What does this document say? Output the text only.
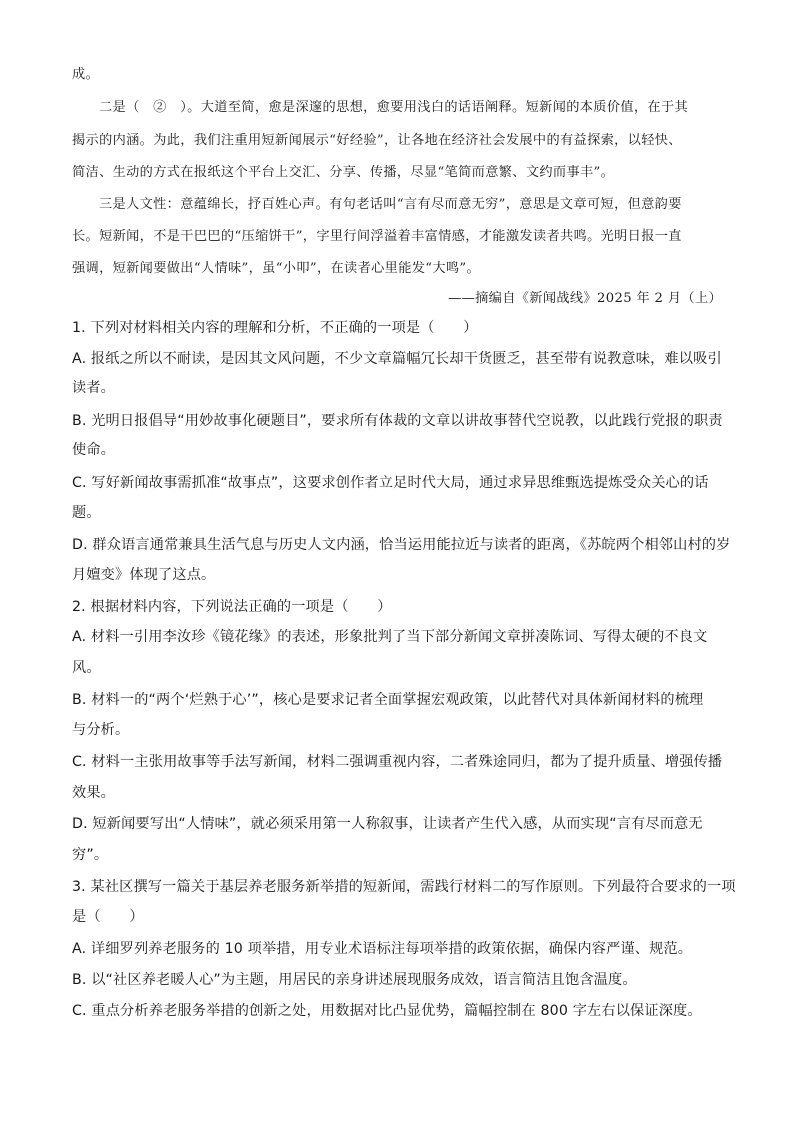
成。
二是（　②　）。大道至简，愈是深邃的思想，愈要用浅白的话语阐释。短新闻的本质价值，在于其
揭示的内涵。为此，我们注重用短新闻展示“好经验”，让各地在经济社会发展中的有益探索，以轻快、
简洁、生动的方式在报纸这个平台上交汇、分享、传播，尽显“笔简而意繁、文约而事丰”。
三是人文性：意蕴绵长，抒百姓心声。有句老话叫“言有尽而意无穷”，意思是文章可短，但意韵要
长。短新闻，不是干巴巴的“压缩饼干”，字里行间浮溢着丰富情感，才能激发读者共鸣。光明日报一直
强调，短新闻要做出“人情味”，虽“小叩”，在读者心里能发“大鸣”。
——摘编自《新闻战线》2025 年 2 月（上）
1. 下列对材料相关内容的理解和分析，不正确的一项是（　　）
A. 报纸之所以不耐读，是因其文风问题，不少文章篇幅冗长却干货匮乏，甚至带有说教意味，难以吸引
读者。
B. 光明日报倡导“用妙故事化硬题目”，要求所有体裁的文章以讲故事替代空说教，以此践行党报的职责
使命。
C. 写好新闻故事需抓准“故事点”，这要求创作者立足时代大局，通过求异思维甄选提炼受众关心的话
题。
D. 群众语言通常兼具生活气息与历史人文内涵，恰当运用能拉近与读者的距离，《苏皖两个相邻山村的岁
月嬗变》体现了这点。
2. 根据材料内容，下列说法正确的一项是（　　）
A. 材料一引用李汝珍《镜花缘》的表述，形象批判了当下部分新闻文章拼凑陈词、写得太硬的不良文
风。
B. 材料一的“两个‘烂熟于心’”，核心是要求记者全面掌握宏观政策，以此替代对具体新闻材料的梳理
与分析。
C. 材料一主张用故事等手法写新闻，材料二强调重视内容，二者殊途同归，都为了提升质量、增强传播
效果。
D. 短新闻要写出“人情味”，就必须采用第一人称叙事，让读者产生代入感，从而实现“言有尽而意无
穷”。
3. 某社区撰写一篇关于基层养老服务新举措的短新闻，需践行材料二的写作原则。下列最符合要求的一项
是（　　）
A. 详细罗列养老服务的 10 项举措，用专业术语标注每项举措的政策依据，确保内容严谨、规范。
B. 以“社区养老暖人心”为主题，用居民的亲身讲述展现服务成效，语言简洁且饱含温度。
C. 重点分析养老服务举措的创新之处，用数据对比凸显优势，篇幅控制在 800 字左右以保证深度。
